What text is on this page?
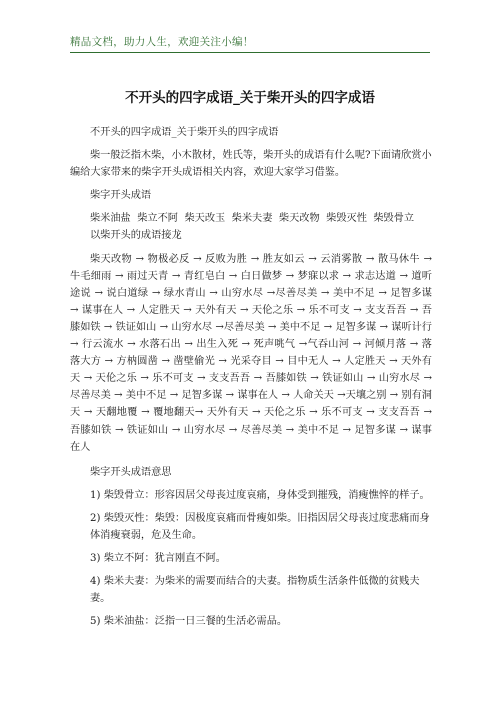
精品文档，助力人生，欢迎关注小编！
不开头的四字成语_关于柴开头的四字成语

不开头的四字成语_关于柴开头的四字成语

柴一般泛指木柴，小木散材，姓氏等，柴开头的成语有什么呢?下面请欣赏小编给大家带来的柴字开头成语相关内容，欢迎大家学习借鉴。

柴字开头成语

柴米油盐  柴立不阿  柴天改玉  柴米夫妻  柴天改物  柴毁灭性  柴毁骨立

以柴开头的成语接龙

柴天改物 → 物极必反 → 反败为胜 → 胜友如云 → 云消雾散 → 散马休牛 → 牛毛细雨 → 雨过天青 → 青红皂白 → 白日做梦 → 梦寐以求 → 求志达道 → 道听途说 → 说白道绿 → 绿水青山 → 山穷水尽 →尽善尽美 → 美中不足 → 足智多谋 → 谋事在人 → 人定胜天 → 天外有天 → 天伦之乐 → 乐不可支 → 支支吾吾 → 吾膝如铁 → 铁证如山 → 山穷水尽 →尽善尽美 → 美中不足 → 足智多谋 → 谋听计行 → 行云流水 → 水落石出 → 出生入死 → 死声咷气 →气吞山河 → 河倾月落 → 落落大方 → 方枘圆凿 → 凿壁偷光 → 光采夺目 → 目中无人 → 人定胜天 → 天外有天 → 天伦之乐 → 乐不可支 → 支支吾吾 → 吾膝如铁 → 铁证如山 → 山穷水尽 → 尽善尽美 → 美中不足 → 足智多谋 → 谋事在人 → 人命关天 →天壤之别 → 别有洞天 → 天翻地覆 → 覆地翻天→ 天外有天 → 天伦之乐 → 乐不可支 → 支支吾吾 → 吾膝如铁 → 铁证如山 → 山穷水尽 → 尽善尽美 → 美中不足 → 足智多谋 → 谋事在人

柴字开头成语意思

1) 柴毁骨立：形容因居父母丧过度哀痛，身体受到摧残，消瘦憔悴的样子。

2) 柴毁灭性：柴毁：因极度哀痛而骨瘦如柴。旧指因居父母丧过度悲痛而身体消瘦衰弱，危及生命。

3) 柴立不阿：犹言刚直不阿。

4) 柴米夫妻：为柴米的需要而结合的夫妻。指物质生活条件低微的贫贱夫妻。

5) 柴米油盐：泛指一日三餐的生活必需品。
